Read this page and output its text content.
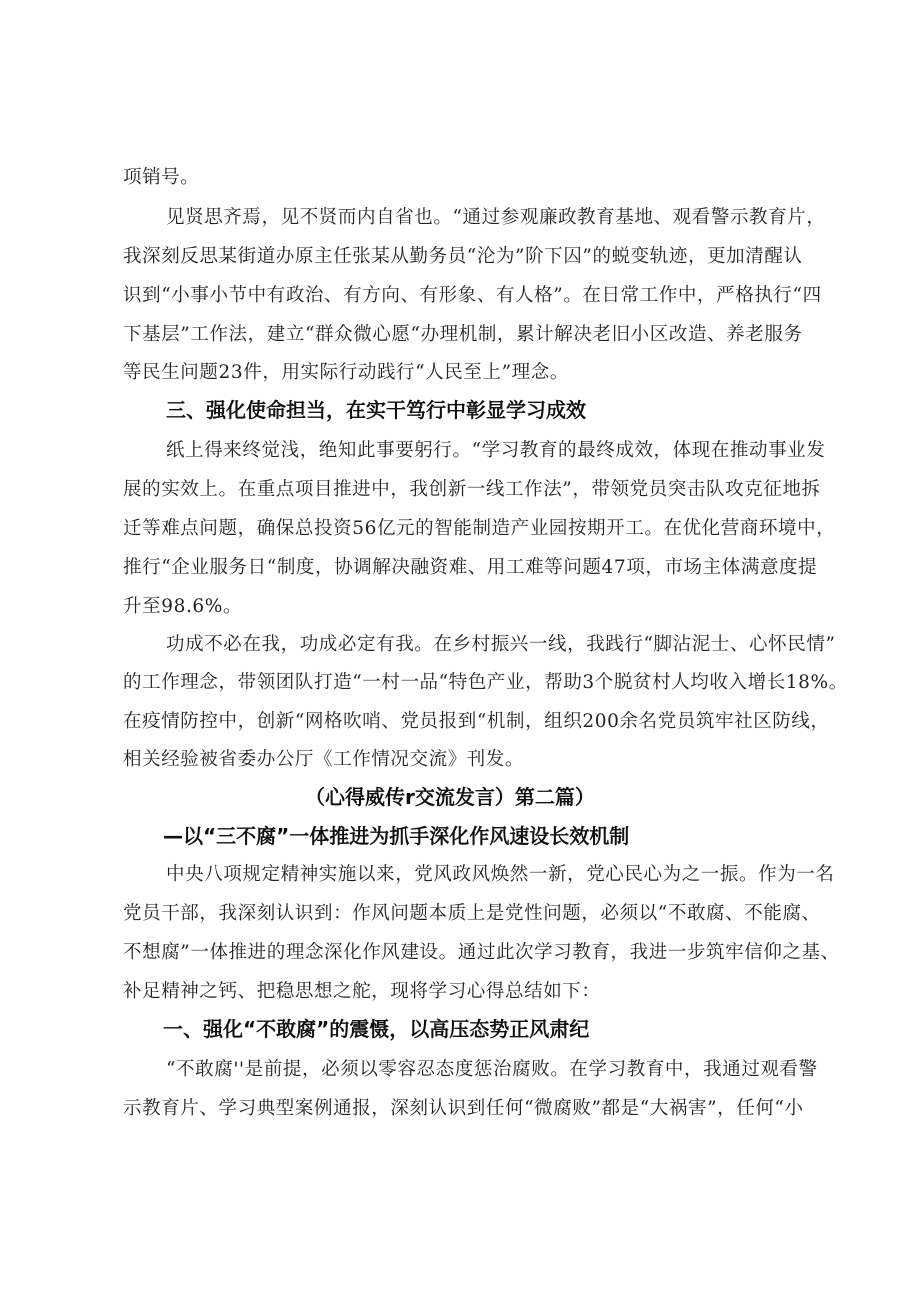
项销号。
见贤思齐焉，见不贤而内自省也。“通过参观廉政教育基地、观看警示教育片，
我深刻反思某街道办原主任张某从勤务员“沦为”阶下囚”的蜕变轨迹，更加清醒认
识到“小事小节中有政治、有方向、有形象、有人格”。在日常工作中，严格执行“四
下基层”工作法，建立“群众微心愿“办理机制，累计解决老旧小区改造、养老服务
等民生问题23件，用实际行动践行“人民至上”理念。
三、强化使命担当，在实干笃行中彰显学习成效
纸上得来终觉浅，绝知此事要躬行。“学习教育的最终成效，体现在推动事业发
展的实效上。在重点项目推进中，我创新一线工作法”，带领党员突击队攻克征地拆
迁等难点问题，确保总投资56亿元的智能制造产业园按期开工。在优化营商环境中，
推行“企业服务日“制度，协调解决融资难、用工难等问题47项，市场主体满意度提
升至98.6%。
功成不必在我，功成必定有我。在乡村振兴一线，我践行“脚沾泥士、心怀民情”
的工作理念，带领团队打造“一村一品“特色产业，帮助3个脱贫村人均收入增长18%。
在疫情防控中，创新“网格吹哨、党员报到“机制，组织200余名党员筑牢社区防线，
相关经验被省委办公厅《工作情况交流》刊发。
（心得威传r交流发言）第二篇）
—以“三不腐”一体推进为抓手深化作风速设长效机制
中央八项规定精神实施以来，党风政风焕然一新，党心民心为之一振。作为一名
党员干部，我深刻认识到：作风问题本质上是党性问题，必须以“不敢腐、不能腐、
不想腐”一体推进的理念深化作风建设。通过此次学习教育，我进一步筑牢信仰之基、
补足精神之钙、把稳思想之舵，现将学习心得总结如下：
一、强化“不敢腐”的震慑，以高压态势正风肃纪
“不敢腐''是前提，必须以零容忍态度惩治腐败。在学习教育中，我通过观看警
示教育片、学习典型案例通报，深刻认识到任何“微腐败”都是“大祸害”，任何“小
